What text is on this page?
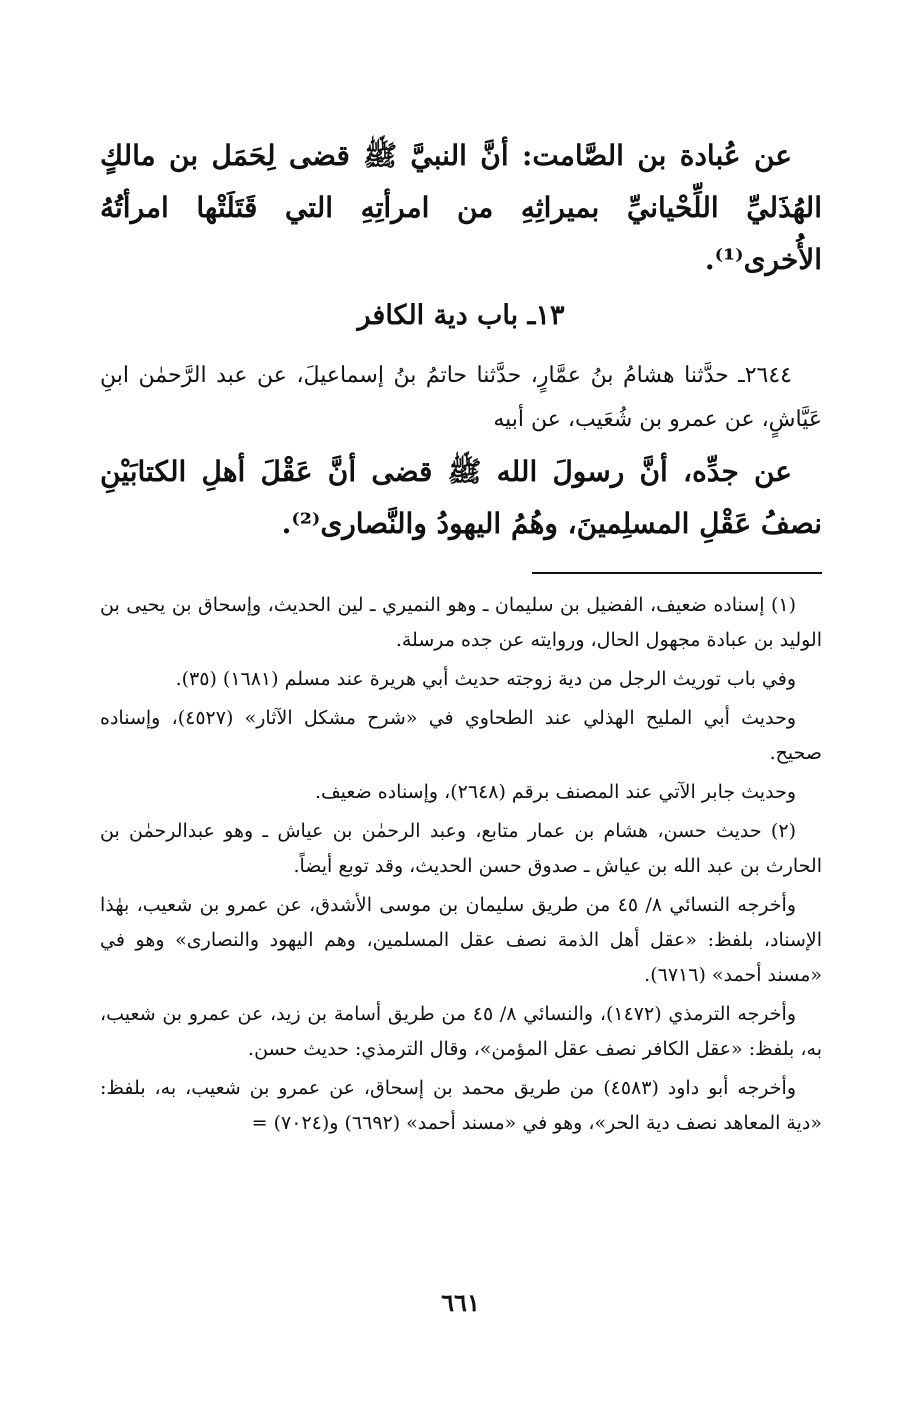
عن عُبادة بن الصَّامت: أنَّ النبيَّ ﷺ قضى لِحَمَل بن مالكٍ الهُذَليِّ اللِّحْيانيِّ بميراثِهِ من امرأتِهِ التي قَتَلَتْها امرأتُهُ الأُخرى⁽¹⁾.

١٣ـ باب دية الكافر

٢٦٤٤ـ حدَّثنا هشامُ بنُ عمَّارٍ، حدَّثنا حاتمُ بنُ إسماعيلَ، عن عبد الرَّحمٰن ابنِ عَيَّاشٍ، عن عمرو بن شُعَيب، عن أبيه

عن جدِّه، أنَّ رسولَ الله ﷺ قضى أنَّ عَقْلَ أهلِ الكتابَيْنِ نصفُ عَقْلِ المسلِمينَ، وهُمُ اليهودُ والنَّصارى⁽²⁾.

(١) إسناده ضعيف، الفضيل بن سليمان ـ وهو النميري ـ لين الحديث، وإسحاق بن يحيى بن الوليد بن عبادة مجهول الحال، وروايته عن جده مرسلة.

وفي باب توريث الرجل من دية زوجته حديث أبي هريرة عند مسلم (١٦٨١) (٣٥).

وحديث أبي المليح الهذلي عند الطحاوي في «شرح مشكل الآثار» (٤٥٢٧)، وإسناده صحيح.

وحديث جابر الآتي عند المصنف برقم (٢٦٤٨)، وإسناده ضعيف.

(٢) حديث حسن، هشام بن عمار متابع، وعبد الرحمٰن بن عياش ـ وهو عبدالرحمٰن بن الحارث بن عبد الله بن عياش ـ صدوق حسن الحديث، وقد توبع أيضاً.

وأخرجه النسائي ٨/ ٤٥ من طريق سليمان بن موسى الأشدق، عن عمرو بن شعيب، بهٰذا الإسناد، بلفظ: «عقل أهل الذمة نصف عقل المسلمين، وهم اليهود والنصارى» وهو في «مسند أحمد» (٦٧١٦).

وأخرجه الترمذي (١٤٧٢)، والنسائي ٨/ ٤٥ من طريق أسامة بن زيد، عن عمرو بن شعيب، به، بلفظ: «عقل الكافر نصف عقل المؤمن»، وقال الترمذي: حديث حسن.

وأخرجه أبو داود (٤٥٨٣) من طريق محمد بن إسحاق، عن عمرو بن شعيب، به، بلفظ: «دية المعاهد نصف دية الحر»، وهو في «مسند أحمد» (٦٦٩٢) و(٧٠٢٤) =

٦٦١
